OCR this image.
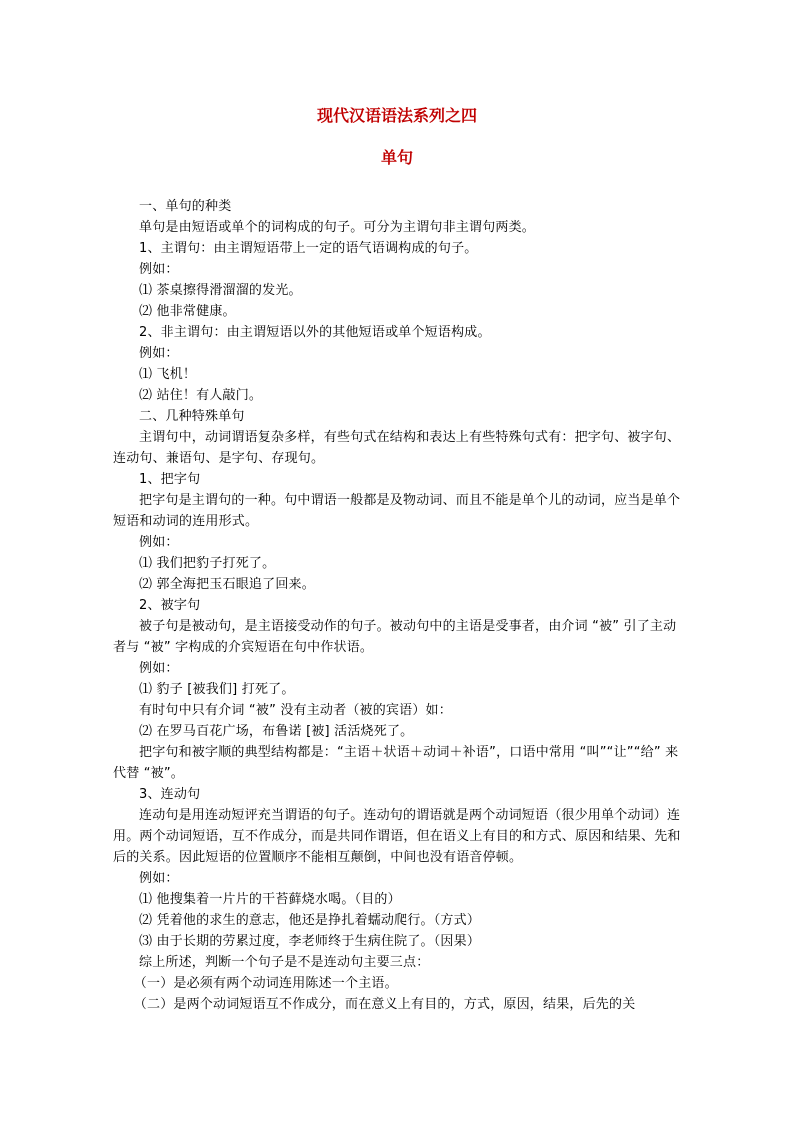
现代汉语语法系列之四
单句

一、单句的种类

单句是由短语或单个的词构成的句子。可分为主谓句非主谓句两类。

1、主谓句：由主谓短语带上一定的语气语调构成的句子。

例如：

⑴ 茶桌擦得滑溜溜的发光。

⑵ 他非常健康。

2、非主谓句：由主谓短语以外的其他短语或单个短语构成。

例如：

⑴ 飞机！

⑵ 站住！有人敲门。

二、几种特殊单句

主谓句中，动词谓语复杂多样，有些句式在结构和表达上有些特殊句式有：把字句、被字句、连动句、兼语句、是字句、存现句。

1、把字句

把字句是主谓句的一种。句中谓语一般都是及物动词、而且不能是单个儿的动词，应当是单个短语和动词的连用形式。

例如：

⑴ 我们把豹子打死了。

⑵ 郭全海把玉石眼追了回来。

2、被字句

被子句是被动句，是主语接受动作的句子。被动句中的主语是受事者，由介词 “被” 引了主动者与 “被” 字构成的介宾短语在句中作状语。

例如：

⑴ 豹子 [被我们] 打死了。

有时句中只有介词 “被” 没有主动者（被的宾语）如：

⑵ 在罗马百花广场，布鲁诺 [被] 活活烧死了。

把字句和被字顺的典型结构都是：“主语＋状语＋动词＋补语”，口语中常用 “叫”“让”“给” 来代替 “被”。

3、连动句

连动句是用连动短评充当谓语的句子。连动句的谓语就是两个动词短语（很少用单个动词）连用。两个动词短语，互不作成分，而是共同作谓语，但在语义上有目的和方式、原因和结果、先和后的关系。因此短语的位置顺序不能相互颠倒，中间也没有语音停顿。

例如：

⑴ 他搜集着一片片的干苔藓烧水喝。（目的）

⑵ 凭着他的求生的意志，他还是挣扎着蠕动爬行。（方式）

⑶ 由于长期的劳累过度，李老师终于生病住院了。（因果）

综上所述，判断一个句子是不是连动句主要三点：

（一）是必须有两个动词连用陈述一个主语。

（二）是两个动词短语互不作成分，而在意义上有目的，方式，原因，结果，后先的关
